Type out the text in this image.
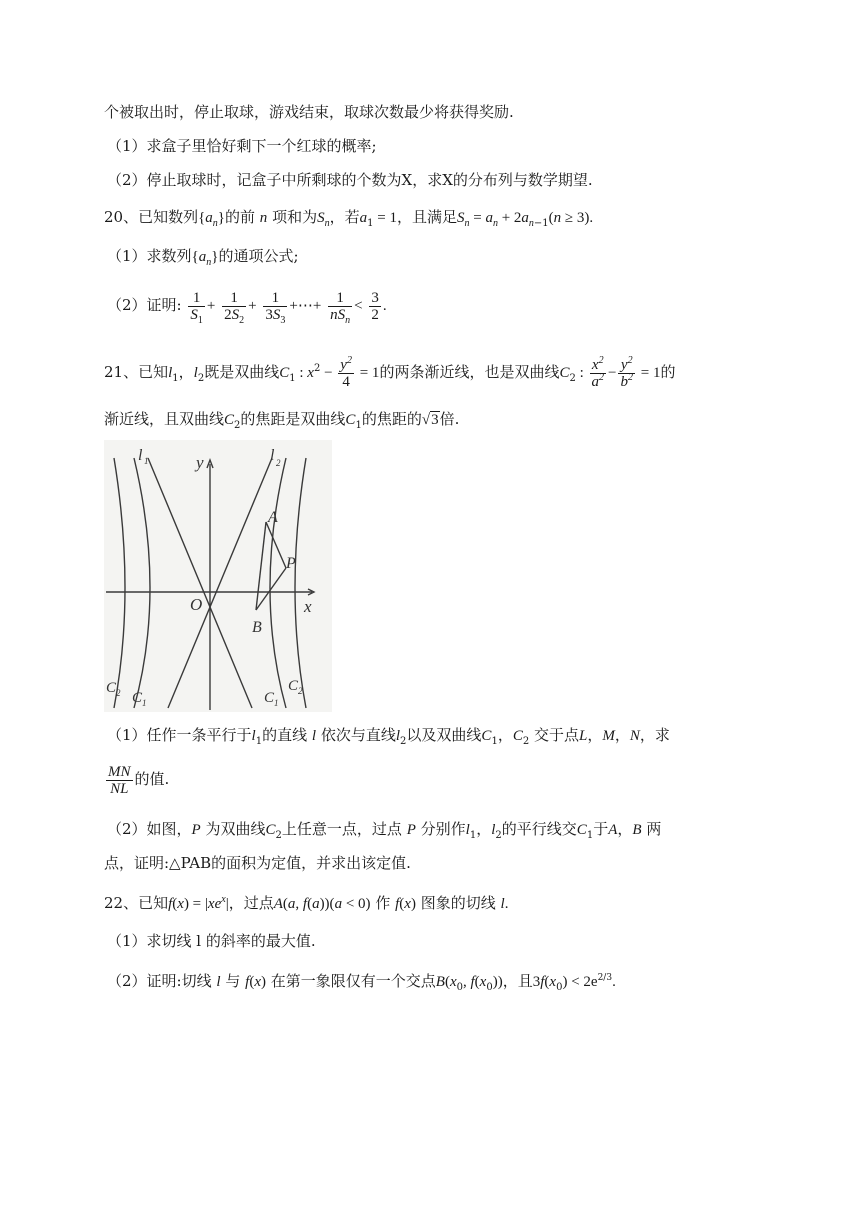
个被取出时，停止取球，游戏结束，取球次数最少将获得奖励.
（1）求盒子里恰好剩下一个红球的概率;
（2）停止取球时，记盒子中所剩球的个数为X，求X的分布列与数学期望.
20、已知数列$\{a_n\}$的前 n 项和为$S_n$，若$a_1 = 1$，且满足$S_n = a_n + 2a_{n-1}(n \ge 3)$.
（1）求数列$\{a_n\}$的通项公式;
（2）证明: $\frac{1}{S_1} + \frac{1}{2S_2} + \frac{1}{3S_3}$ +⋯+ $\frac{1}{nS_n} < \frac{3}{2}$ .
21、已知$l_1$，$l_2$既是双曲线$C_1$ : $x^2 - \frac{y^2}{4} = 1$的两条渐近线，也是双曲线$C_2$ : $\frac{x^2}{a^2} - \frac{y^2}{b^2} = 1$的
渐近线，且双曲线$C_2$的焦距是双曲线$C_1$的焦距的√3倍.
y
x
O
A
P
B
l 1	l 2
C 2 C 1	C 1
C 2
（1）任作一条平行于$l_1$的直线 l 依次与直线$l_2$以及双曲线$C_1$，$C_2$ 交于点L，M，N，求
$\frac{MN}{NL}$ 的值.
（2）如图，P 为双曲线$C_2$上任意一点，过点 P 分别作$l_1$，$l_2$的平行线交$C_1$于A，B 两
点，证明:△PAB的面积为定值，并求出该定值.
22、已知$f(x) = |xe^x|$，过点A(a, f(a))(a < 0) 作 f(x) 图象的切线 l.
（1）求切线 l 的斜率的最大值.
（2）证明:切线 l 与 f(x) 在第一象限仅有一个交点$B(x_0$, $f(x_0)$)，且$3f(x_0) < 2e^{2/3}$.
